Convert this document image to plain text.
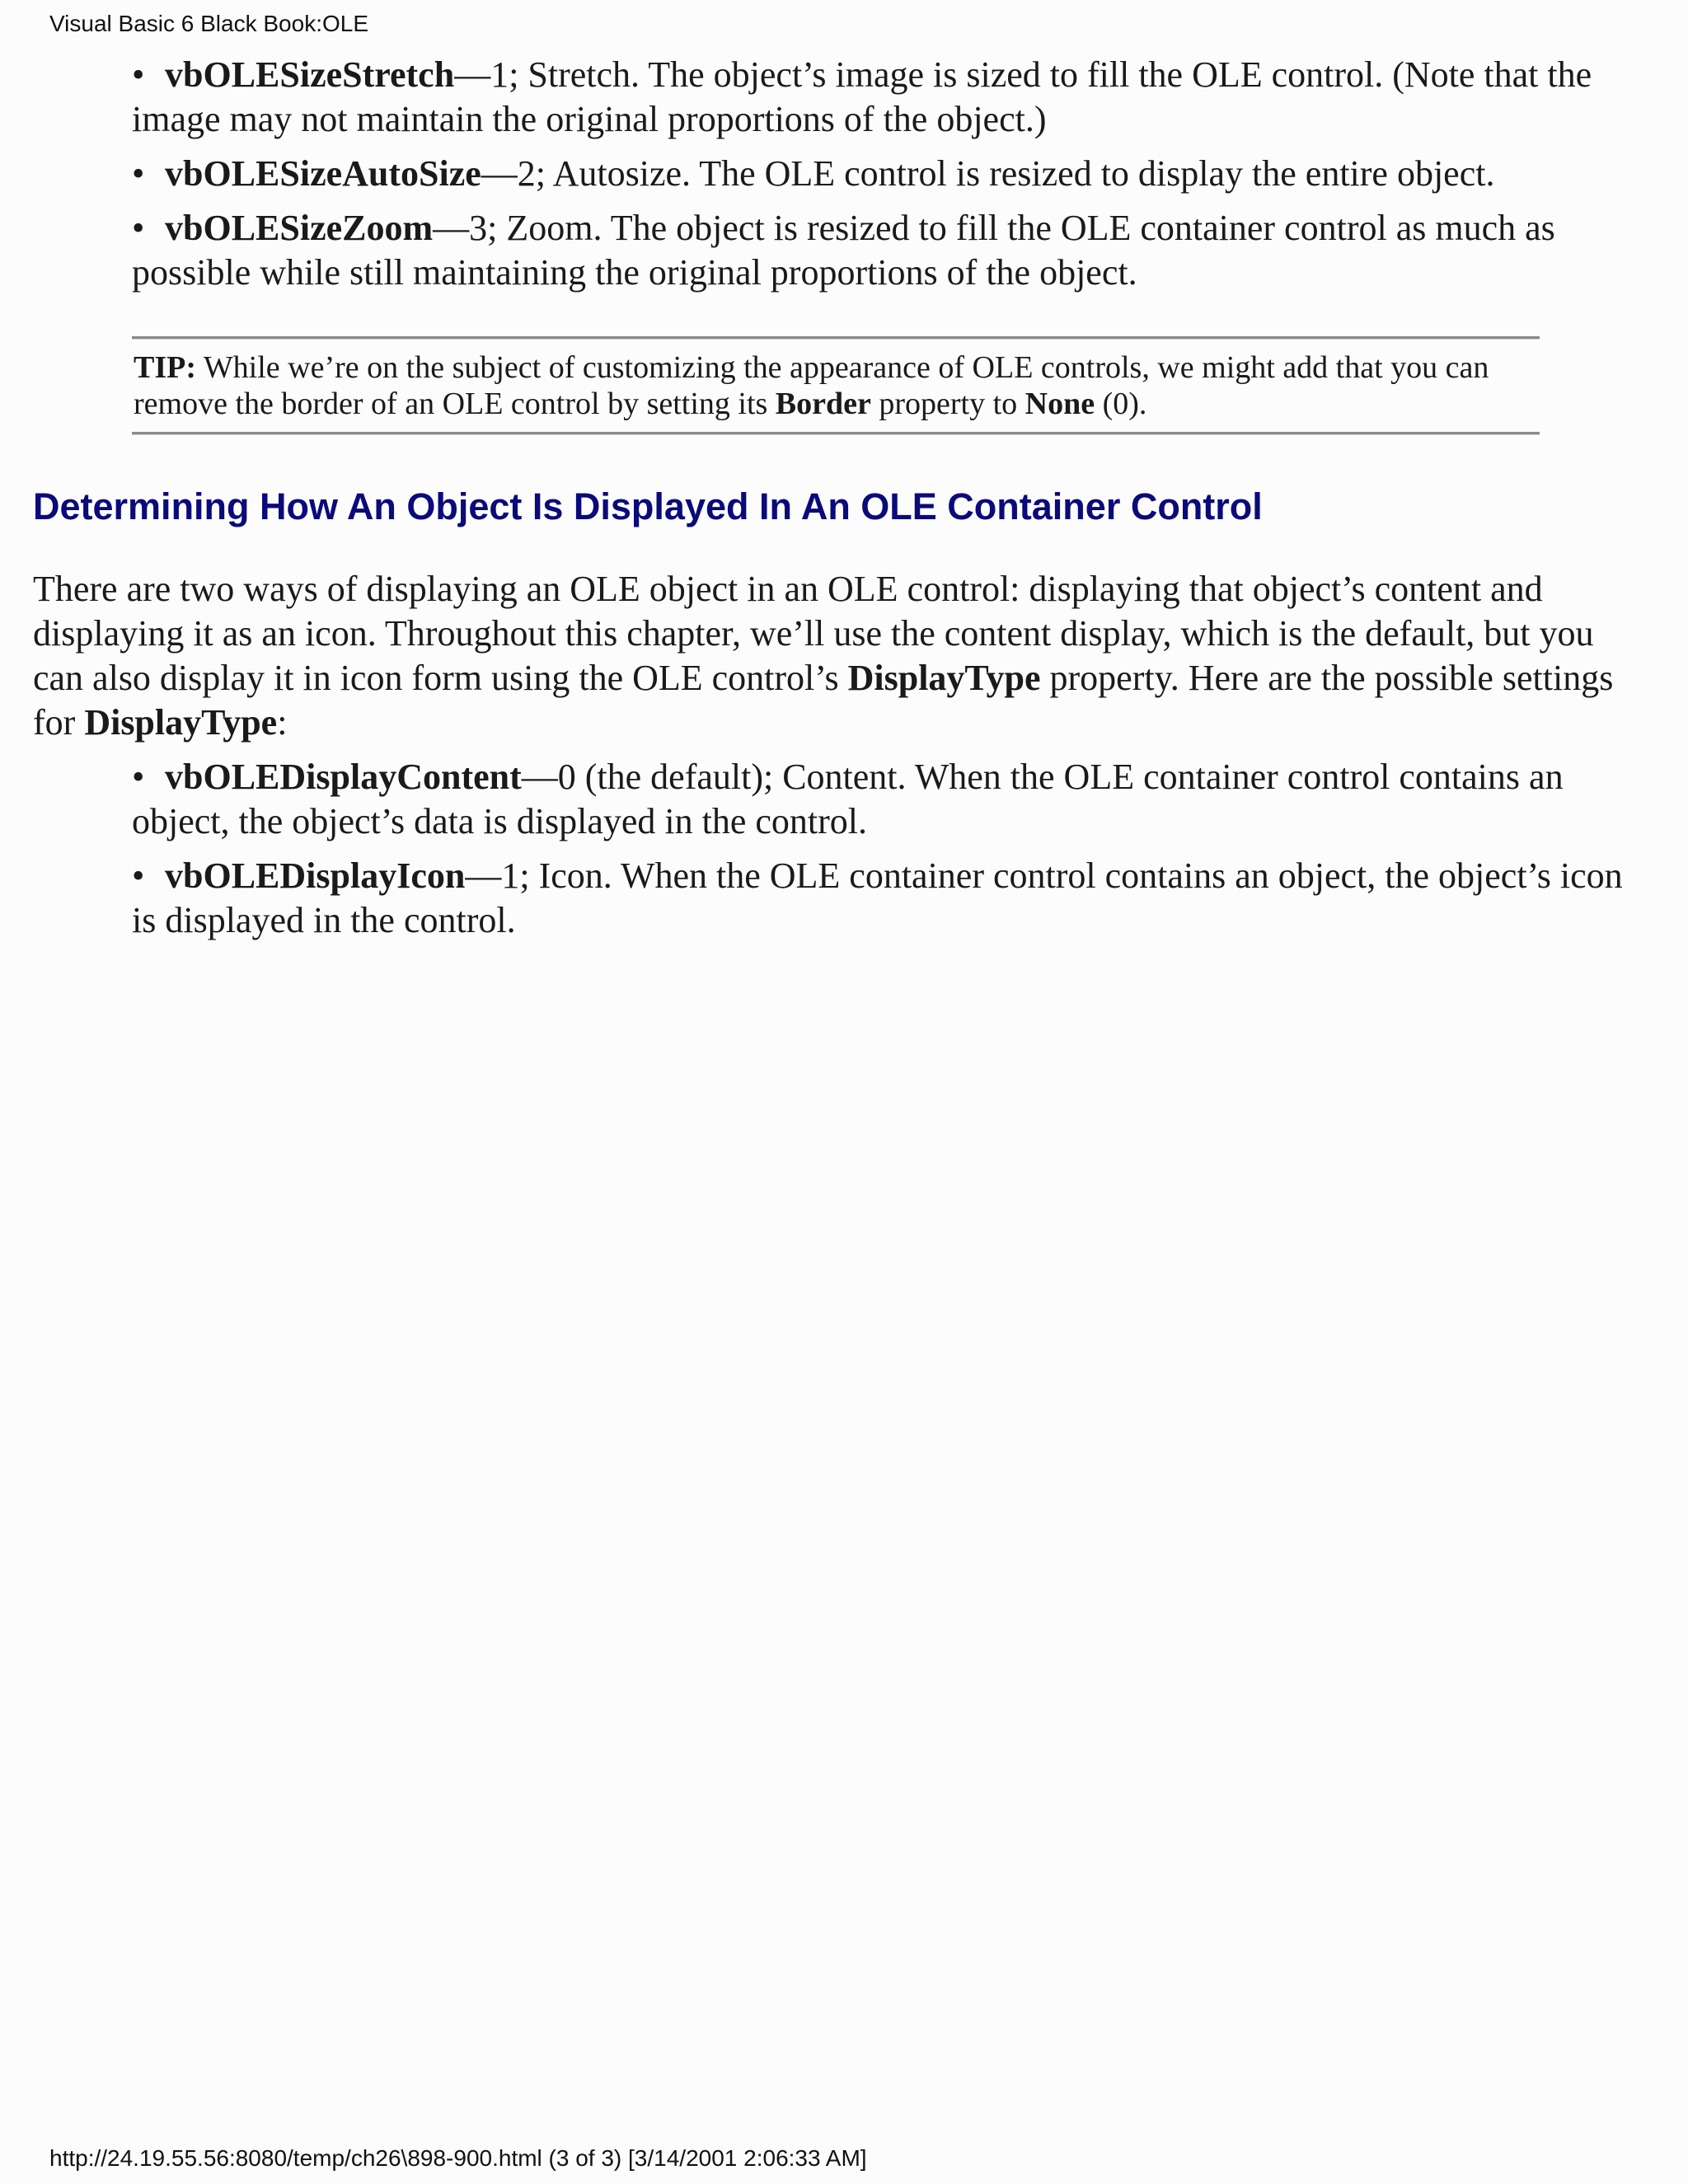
Visual Basic 6 Black Book:OLE

• vbOLESizeStretch—1; Stretch. The object’s image is sized to fill the OLE control. (Note that the image may not maintain the original proportions of the object.)

• vbOLESizeAutoSize—2; Autosize. The OLE control is resized to display the entire object.

• vbOLESizeZoom—3; Zoom. The object is resized to fill the OLE container control as much as possible while still maintaining the original proportions of the object.

TIP: While we’re on the subject of customizing the appearance of OLE controls, we might add that you can remove the border of an OLE control by setting its Border property to None (0).

Determining How An Object Is Displayed In An OLE Container Control

There are two ways of displaying an OLE object in an OLE control: displaying that object’s content and displaying it as an icon. Throughout this chapter, we’ll use the content display, which is the default, but you can also display it in icon form using the OLE control’s DisplayType property. Here are the possible settings for DisplayType:

• vbOLEDisplayContent—0 (the default); Content. When the OLE container control contains an object, the object’s data is displayed in the control.

• vbOLEDisplayIcon—1; Icon. When the OLE container control contains an object, the object’s icon is displayed in the control.

http://24.19.55.56:8080/temp/ch26\898-900.html (3 of 3) [3/14/2001 2:06:33 AM]
